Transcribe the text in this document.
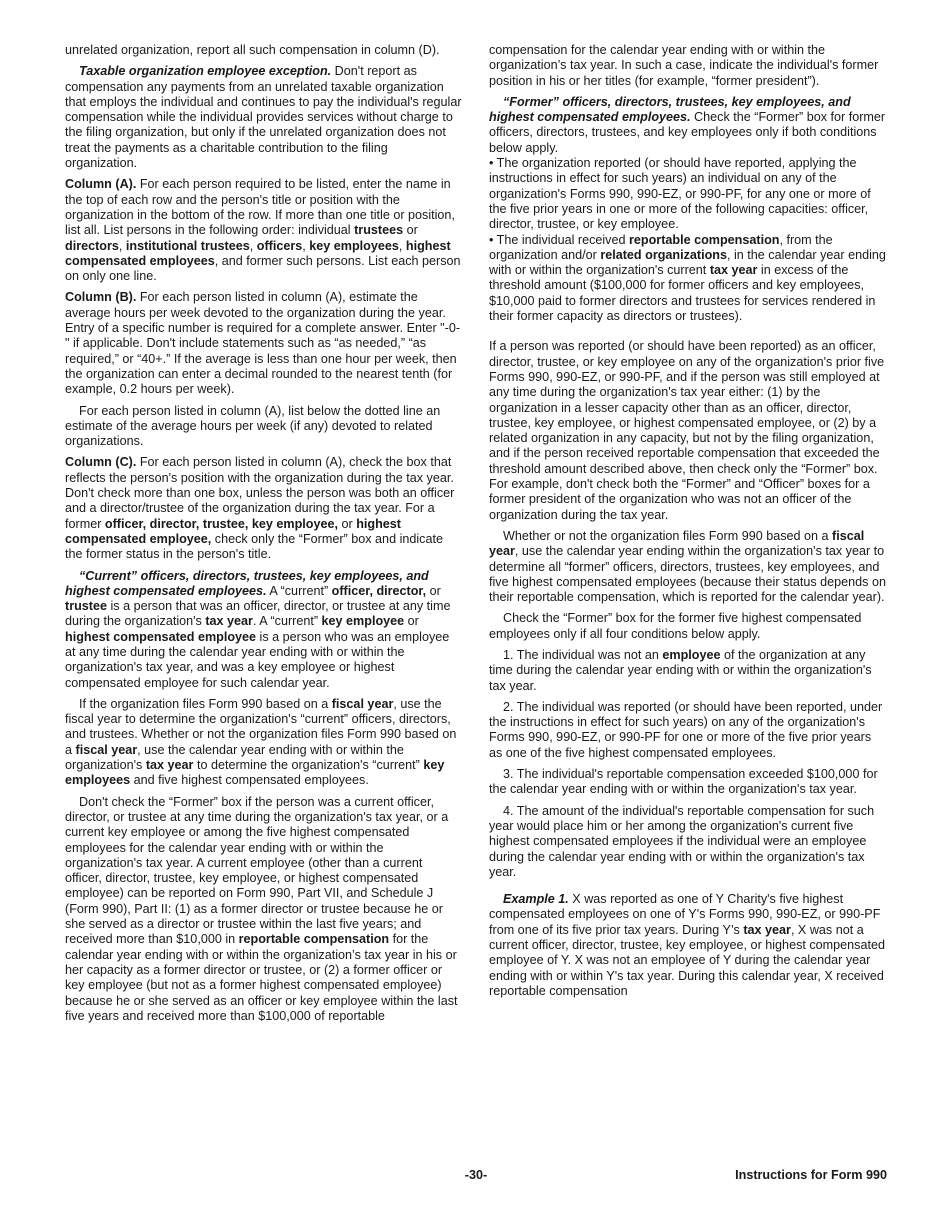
unrelated organization, report all such compensation in column (D).

Taxable organization employee exception. Don't report as compensation any payments from an unrelated taxable organization that employs the individual and continues to pay the individual's regular compensation while the individual provides services without charge to the filing organization, but only if the unrelated organization does not treat the payments as a charitable contribution to the filing organization.

Column (A). For each person required to be listed, enter the name in the top of each row and the person's title or position with the organization in the bottom of the row. If more than one title or position, list all. List persons in the following order: individual trustees or directors, institutional trustees, officers, key employees, highest compensated employees, and former such persons. List each person on only one line.

Column (B). For each person listed in column (A), estimate the average hours per week devoted to the organization during the year. Entry of a specific number is required for a complete answer. Enter "-0-" if applicable. Don't include statements such as “as needed,” “as required,” or “40+.” If the average is less than one hour per week, then the organization can enter a decimal rounded to the nearest tenth (for example, 0.2 hours per week).

For each person listed in column (A), list below the dotted line an estimate of the average hours per week (if any) devoted to related organizations.

Column (C). For each person listed in column (A), check the box that reflects the person's position with the organization during the tax year. Don't check more than one box, unless the person was both an officer and a director/trustee of the organization during the tax year. For a former officer, director, trustee, key employee, or highest compensated employee, check only the “Former” box and indicate the former status in the person's title.

“Current” officers, directors, trustees, key employees, and highest compensated employees. A “current” officer, director, or trustee is a person that was an officer, director, or trustee at any time during the organization's tax year. A “current” key employee or highest compensated employee is a person who was an employee at any time during the calendar year ending with or within the organization's tax year, and was a key employee or highest compensated employee for such calendar year.

If the organization files Form 990 based on a fiscal year, use the fiscal year to determine the organization's “current” officers, directors, and trustees. Whether or not the organization files Form 990 based on a fiscal year, use the calendar year ending with or within the organization's tax year to determine the organization's “current” key employees and five highest compensated employees.

Don't check the “Former” box if the person was a current officer, director, or trustee at any time during the organization's tax year, or a current key employee or among the five highest compensated employees for the calendar year ending with or within the organization's tax year. A current employee (other than a current officer, director, trustee, key employee, or highest compensated employee) can be reported on Form 990, Part VII, and Schedule J (Form 990), Part II: (1) as a former director or trustee because he or she served as a director or trustee within the last five years; and received more than $10,000 in reportable compensation for the calendar year ending with or within the organization’s tax year in his or her capacity as a former director or trustee, or (2) a former officer or key employee (but not as a former highest compensated employee) because he or she served as an officer or key employee within the last five years and received more than $100,000 of reportable

compensation for the calendar year ending with or within the organization’s tax year. In such a case, indicate the individual's former position in his or her titles (for example, “former president”).

“Former” officers, directors, trustees, key employees, and highest compensated employees. Check the “Former” box for former officers, directors, trustees, and key employees only if both conditions below apply.

• The organization reported (or should have reported, applying the instructions in effect for such years) an individual on any of the organization's Forms 990, 990-EZ, or 990-PF, for any one or more of the five prior years in one or more of the following capacities: officer, director, trustee, or key employee.

• The individual received reportable compensation, from the organization and/or related organizations, in the calendar year ending with or within the organization's current tax year in excess of the threshold amount ($100,000 for former officers and key employees, $10,000 paid to former directors and trustees for services rendered in their former capacity as directors or trustees).

If a person was reported (or should have been reported) as an officer, director, trustee, or key employee on any of the organization's prior five Forms 990, 990-EZ, or 990-PF, and if the person was still employed at any time during the organization's tax year either: (1) by the organization in a lesser capacity other than as an officer, director, trustee, key employee, or highest compensated employee, or (2) by a related organization in any capacity, but not by the filing organization, and if the person received reportable compensation that exceeded the threshold amount described above, then check only the “Former” box. For example, don't check both the “Former” and “Officer” boxes for a former president of the organization who was not an officer of the organization during the tax year.

Whether or not the organization files Form 990 based on a fiscal year, use the calendar year ending within the organization's tax year to determine all “former” officers, directors, trustees, key employees, and five highest compensated employees (because their status depends on their reportable compensation, which is reported for the calendar year).

Check the “Former” box for the former five highest compensated employees only if all four conditions below apply.

1. The individual was not an employee of the organization at any time during the calendar year ending with or within the organization's tax year.

2. The individual was reported (or should have been reported, under the instructions in effect for such years) on any of the organization's Forms 990, 990-EZ, or 990-PF for one or more of the five prior years as one of the five highest compensated employees.

3. The individual's reportable compensation exceeded $100,000 for the calendar year ending with or within the organization's tax year.

4. The amount of the individual's reportable compensation for such year would place him or her among the organization's current five highest compensated employees if the individual were an employee during the calendar year ending with or within the organization's tax year.

Example 1. X was reported as one of Y Charity's five highest compensated employees on one of Y's Forms 990, 990-EZ, or 990-PF from one of its five prior tax years. During Y’s tax year, X was not a current officer, director, trustee, key employee, or highest compensated employee of Y. X was not an employee of Y during the calendar year ending with or within Y's tax year. During this calendar year, X received reportable compensation

-30-	Instructions for Form 990
